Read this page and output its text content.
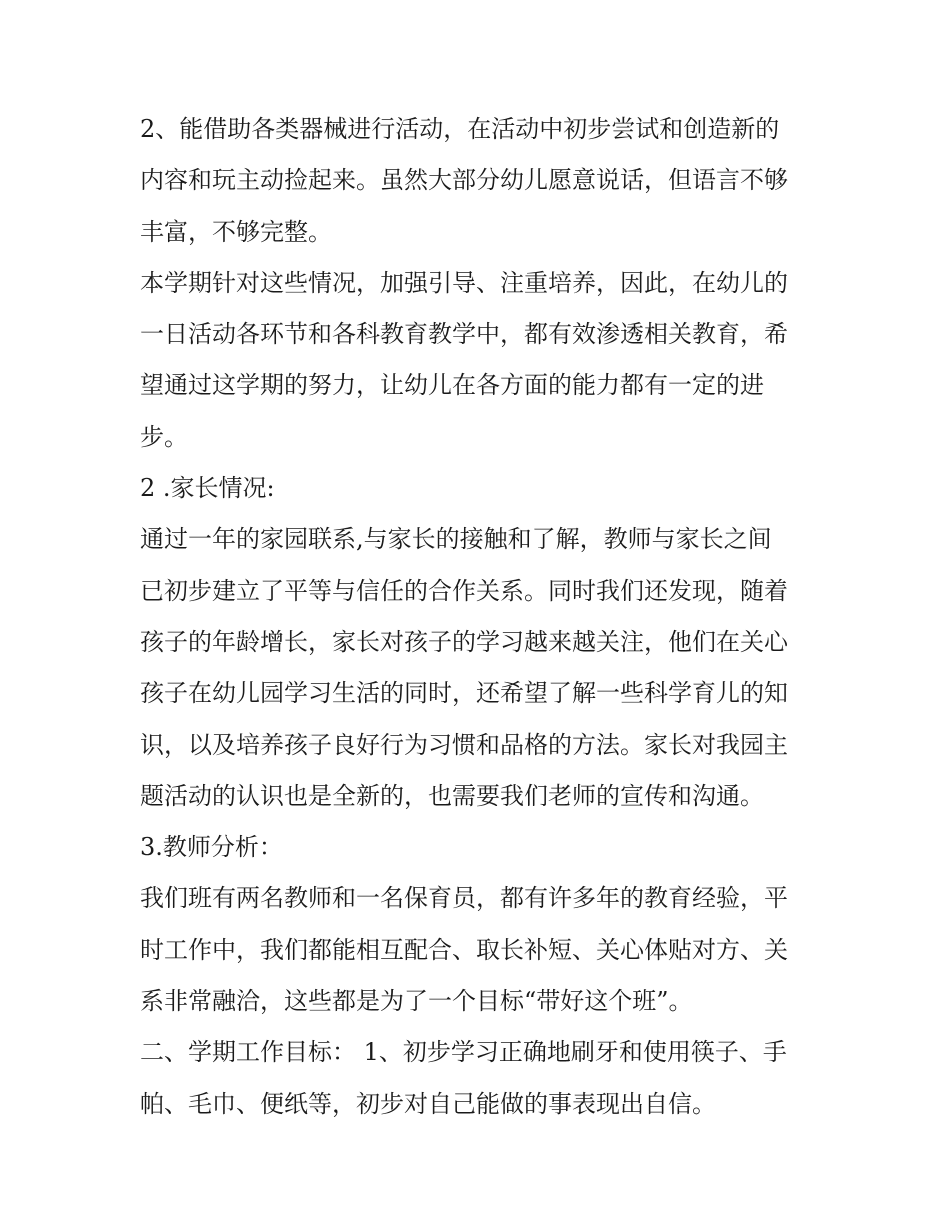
2、能借助各类器械进行活动，在活动中初步尝试和创造新的
内容和玩主动捡起来。虽然大部分幼儿愿意说话，但语言不够
丰富，不够完整。
本学期针对这些情况，加强引导、注重培养，因此，在幼儿的
一日活动各环节和各科教育教学中，都有效渗透相关教育，希
望通过这学期的努力，让幼儿在各方面的能力都有一定的进
步。
2 .家长情况:
通过一年的家园联系,与家长的接触和了解，教师与家长之间
已初步建立了平等与信任的合作关系。同时我们还发现，随着
孩子的年龄增长，家长对孩子的学习越来越关注，他们在关心
孩子在幼儿园学习生活的同时，还希望了解一些科学育儿的知
识，以及培养孩子良好行为习惯和品格的方法。家长对我园主
题活动的认识也是全新的，也需要我们老师的宣传和沟通。
3.教师分析：
我们班有两名教师和一名保育员，都有许多年的教育经验，平
时工作中，我们都能相互配合、取长补短、关心体贴对方、关
系非常融洽，这些都是为了一个目标“带好这个班”。
二、学期工作目标： 1、初步学习正确地刷牙和使用筷子、手
帕、毛巾、便纸等，初步对自己能做的事表现出自信。
